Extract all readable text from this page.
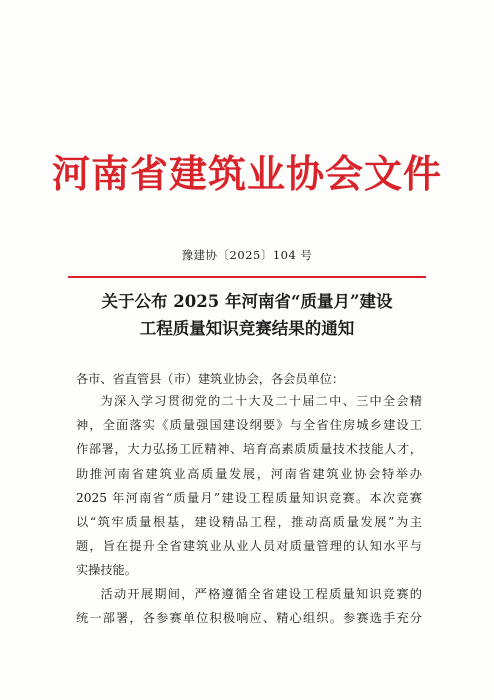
河南省建筑业协会文件
豫建协〔2025〕104 号
关于公布 2025 年河南省“质量月”建设
工程质量知识竞赛结果的通知
各市、省直管县（市）建筑业协会，各会员单位：
为深入学习贯彻党的二十大及二十届二中、三中全会精
神，全面落实《质量强国建设纲要》与全省住房城乡建设工
作部署，大力弘扬工匠精神、培育高素质质量技术技能人才，
助推河南省建筑业高质量发展，河南省建筑业协会特举办
2025 年河南省“质量月”建设工程质量知识竞赛。本次竞赛
以“筑牢质量根基，建设精品工程，推动高质量发展”为主
题，旨在提升全省建筑业从业人员对质量管理的认知水平与
实操技能。
活动开展期间，严格遵循全省建设工程质量知识竞赛的
统一部署，各参赛单位积极响应、精心组织。参赛选手充分
